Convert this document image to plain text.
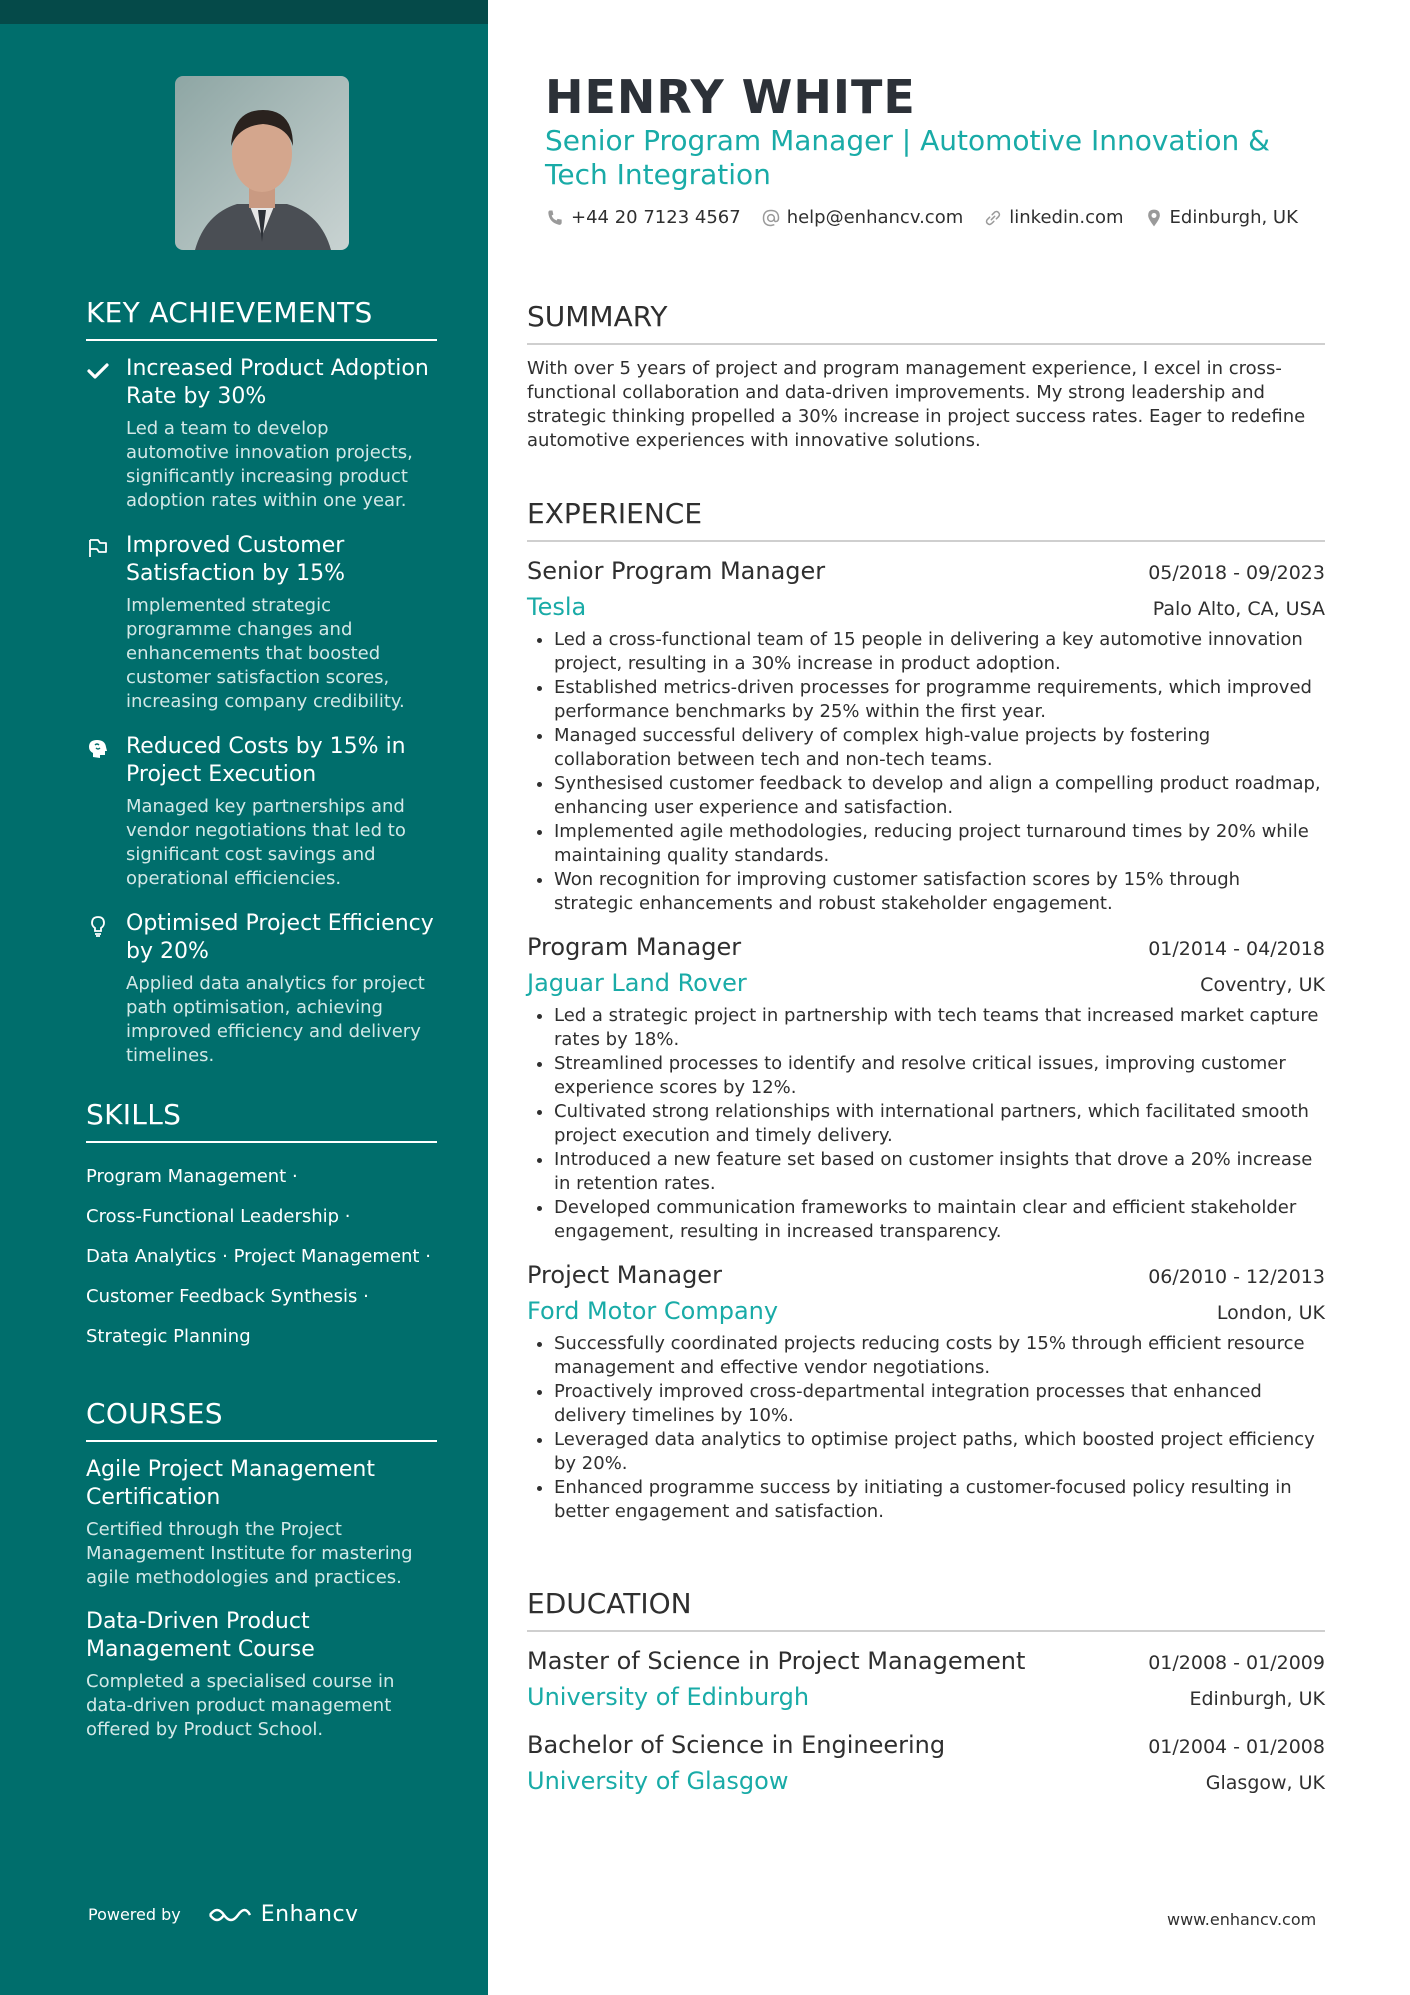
KEY ACHIEVEMENTS
Increased Product Adoption Rate by 30%
Led a team to develop automotive innovation projects, significantly increasing product adoption rates within one year.
Improved Customer Satisfaction by 15%
Implemented strategic programme changes and enhancements that boosted customer satisfaction scores, increasing company credibility.
Reduced Costs by 15% in Project Execution
Managed key partnerships and vendor negotiations that led to significant cost savings and operational efficiencies.
Optimised Project Efficiency by 20%
Applied data analytics for project path optimisation, achieving improved efficiency and delivery timelines.
SKILLS
Program Management ·
Cross-Functional Leadership ·
Data Analytics · Project Management ·
Customer Feedback Synthesis ·
Strategic Planning
COURSES
Agile Project Management Certification
Certified through the Project Management Institute for mastering agile methodologies and practices.
Data-Driven Product Management Course
Completed a specialised course in data-driven product management offered by Product School.
Powered by	Enhancv
HENRY WHITE
Senior Program Manager | Automotive Innovation & Tech Integration
+44 20 7123 4567	help@enhancv.com	linkedin.com	Edinburgh, UK
SUMMARY
With over 5 years of project and program management experience, I excel in cross-functional collaboration and data-driven improvements. My strong leadership and strategic thinking propelled a 30% increase in project success rates. Eager to redefine automotive experiences with innovative solutions.
EXPERIENCE
Senior Program Manager	05/2018 - 09/2023
Tesla	Palo Alto, CA, USA
• Led a cross-functional team of 15 people in delivering a key automotive innovation project, resulting in a 30% increase in product adoption.
• Established metrics-driven processes for programme requirements, which improved performance benchmarks by 25% within the first year.
• Managed successful delivery of complex high-value projects by fostering collaboration between tech and non-tech teams.
• Synthesised customer feedback to develop and align a compelling product roadmap, enhancing user experience and satisfaction.
• Implemented agile methodologies, reducing project turnaround times by 20% while maintaining quality standards.
• Won recognition for improving customer satisfaction scores by 15% through strategic enhancements and robust stakeholder engagement.
Program Manager	01/2014 - 04/2018
Jaguar Land Rover	Coventry, UK
• Led a strategic project in partnership with tech teams that increased market capture rates by 18%.
• Streamlined processes to identify and resolve critical issues, improving customer experience scores by 12%.
• Cultivated strong relationships with international partners, which facilitated smooth project execution and timely delivery.
• Introduced a new feature set based on customer insights that drove a 20% increase in retention rates.
• Developed communication frameworks to maintain clear and efficient stakeholder engagement, resulting in increased transparency.
Project Manager	06/2010 - 12/2013
Ford Motor Company	London, UK
• Successfully coordinated projects reducing costs by 15% through efficient resource management and effective vendor negotiations.
• Proactively improved cross-departmental integration processes that enhanced delivery timelines by 10%.
• Leveraged data analytics to optimise project paths, which boosted project efficiency by 20%.
• Enhanced programme success by initiating a customer-focused policy resulting in better engagement and satisfaction.
EDUCATION
Master of Science in Project Management	01/2008 - 01/2009
University of Edinburgh	Edinburgh, UK
Bachelor of Science in Engineering	01/2004 - 01/2008
University of Glasgow	Glasgow, UK
www.enhancv.com
